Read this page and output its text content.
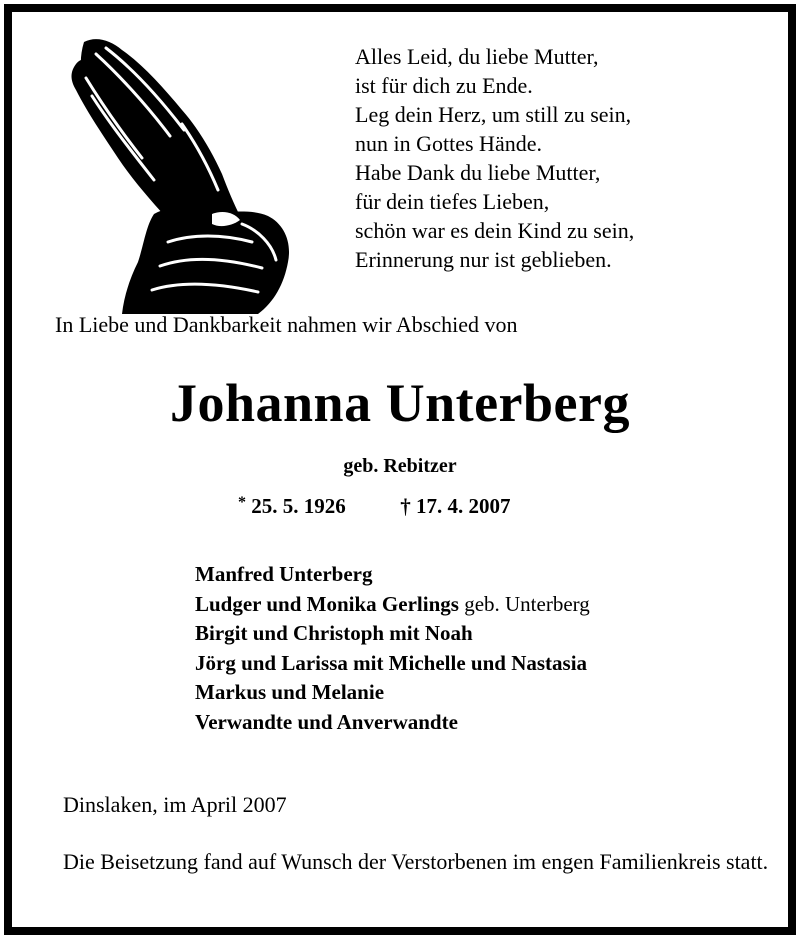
Alles Leid, du liebe Mutter,
ist für dich zu Ende.
Leg dein Herz, um still zu sein,
nun in Gottes Hände.
Habe Dank du liebe Mutter,
für dein tiefes Lieben,
schön war es dein Kind zu sein,
Erinnerung nur ist geblieben.
In Liebe und Dankbarkeit nahmen wir Abschied von
Johanna Unterberg
geb. Rebitzer
* 25. 5. 1926	† 17. 4. 2007
Manfred Unterberg
Ludger und Monika Gerlings geb. Unterberg
Birgit und Christoph mit Noah
Jörg und Larissa mit Michelle und Nastasia
Markus und Melanie
Verwandte und Anverwandte
Dinslaken, im April 2007
Die Beisetzung fand auf Wunsch der Verstorbenen im engen Familienkreis statt.
